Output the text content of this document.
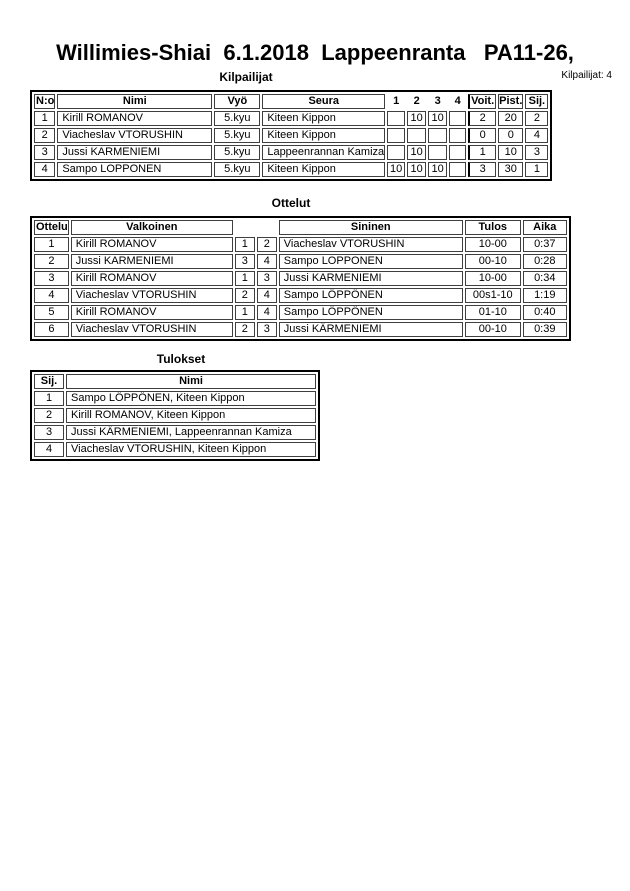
Willimies-Shiai  6.1.2018  Lappeenranta   PA11-26,
Kilpailijat	Kilpailijat: 4
N:o	Nimi	Vyö	Seura	1	2	3	4	Voit.	Pist.	Sij.
1	Kirill ROMANOV	5.kyu	Kiteen Kippon		10	10		2	20	2
2	Viacheslav VTORUSHIN	5.kyu	Kiteen Kippon					0	0	4
3	Jussi KARMENIEMI	5.kyu	Lappeenrannan Kamiza		10			1	10	3
4	Sampo LOPPONEN	5.kyu	Kiteen Kippon	10	10	10		3	30	1
Ottelut
Ottelu	Valkoinen			Sininen	Tulos	Aika
1	Kirill ROMANOV	1	2	Viacheslav VTORUSHIN	10-00	0:37
2	Jussi KARMENIEMI	3	4	Sampo LOPPONEN	00-10	0:28
3	Kirill ROMANOV	1	3	Jussi KARMENIEMI	10-00	0:34
4	Viacheslav VTORUSHIN	2	4	Sampo LÖPPÖNEN	00s1-10	1:19
5	Kirill ROMANOV	1	4	Sampo LÖPPÖNEN	01-10	0:40
6	Viacheslav VTORUSHIN	2	3	Jussi KÄRMENIEMI	00-10	0:39
Tulokset
Sij.	Nimi
1	Sampo LÖPPÖNEN, Kiteen Kippon
2	Kirill ROMANOV, Kiteen Kippon
3	Jussi KÄRMENIEMI, Lappeenrannan Kamiza
4	Viacheslav VTORUSHIN, Kiteen Kippon
